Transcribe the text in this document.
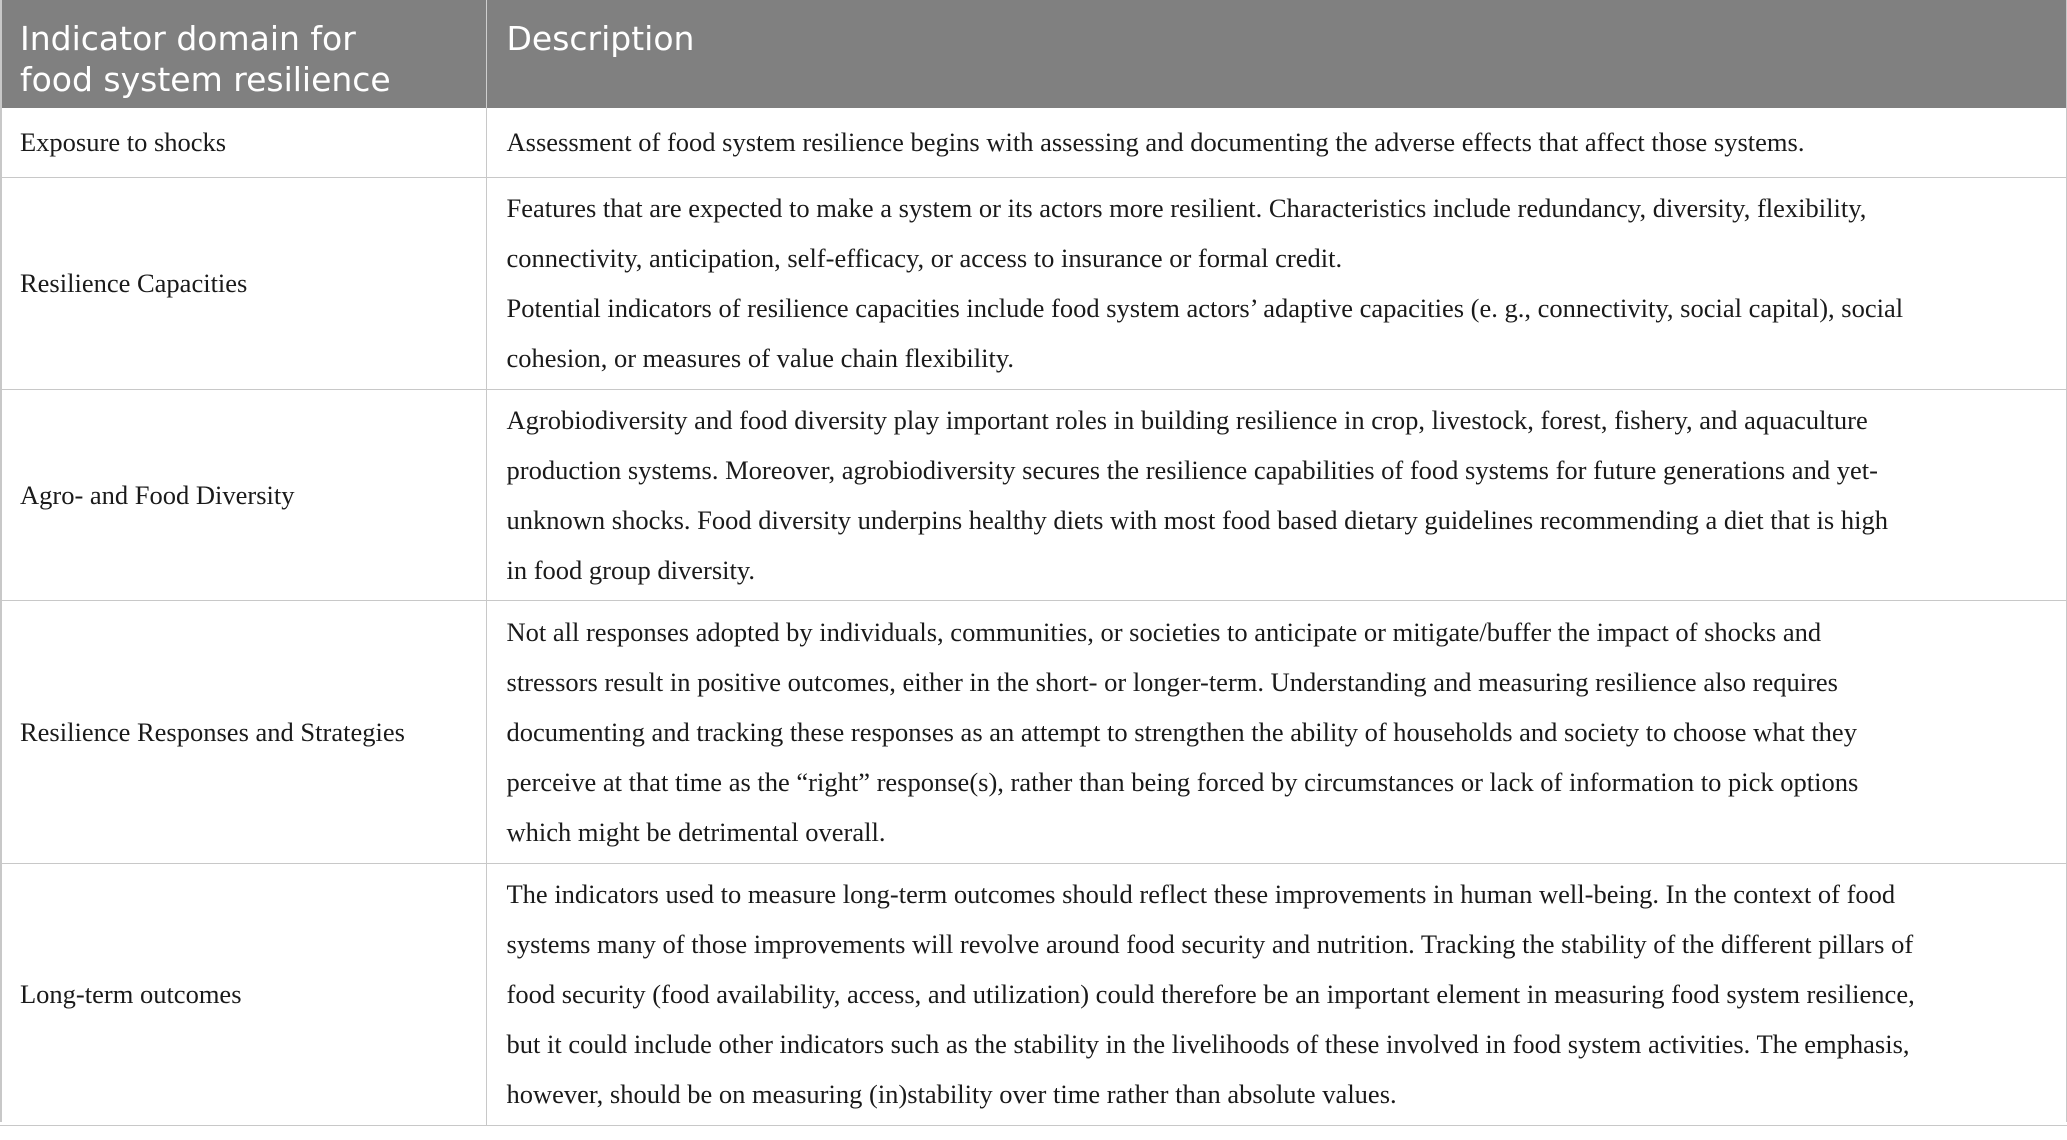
Indicator domain for
food system resilience	Description
Exposure to shocks	Assessment of food system resilience begins with assessing and documenting the adverse effects that affect those systems.

Resilience Capacities	Features that are expected to make a system or its actors more resilient. Characteristics include redundancy, diversity, flexibility,
connectivity, anticipation, self-efficacy, or access to insurance or formal credit.
Potential indicators of resilience capacities include food system actors’ adaptive capacities (e. g., connectivity, social capital), social
cohesion, or measures of value chain flexibility.

Agro- and Food Diversity	Agrobiodiversity and food diversity play important roles in building resilience in crop, livestock, forest, fishery, and aquaculture
production systems. Moreover, agrobiodiversity secures the resilience capabilities of food systems for future generations and yet-
unknown shocks. Food diversity underpins healthy diets with most food based dietary guidelines recommending a diet that is high
in food group diversity.

Resilience Responses and Strategies	Not all responses adopted by individuals, communities, or societies to anticipate or mitigate/buffer the impact of shocks and
stressors result in positive outcomes, either in the short- or longer-term. Understanding and measuring resilience also requires
documenting and tracking these responses as an attempt to strengthen the ability of households and society to choose what they
perceive at that time as the “right” response(s), rather than being forced by circumstances or lack of information to pick options
which might be detrimental overall.

Long-term outcomes	The indicators used to measure long-term outcomes should reflect these improvements in human well-being. In the context of food
systems many of those improvements will revolve around food security and nutrition. Tracking the stability of the different pillars of
food security (food availability, access, and utilization) could therefore be an important element in measuring food system resilience,
but it could include other indicators such as the stability in the livelihoods of these involved in food system activities. The emphasis,
however, should be on measuring (in)stability over time rather than absolute values.
